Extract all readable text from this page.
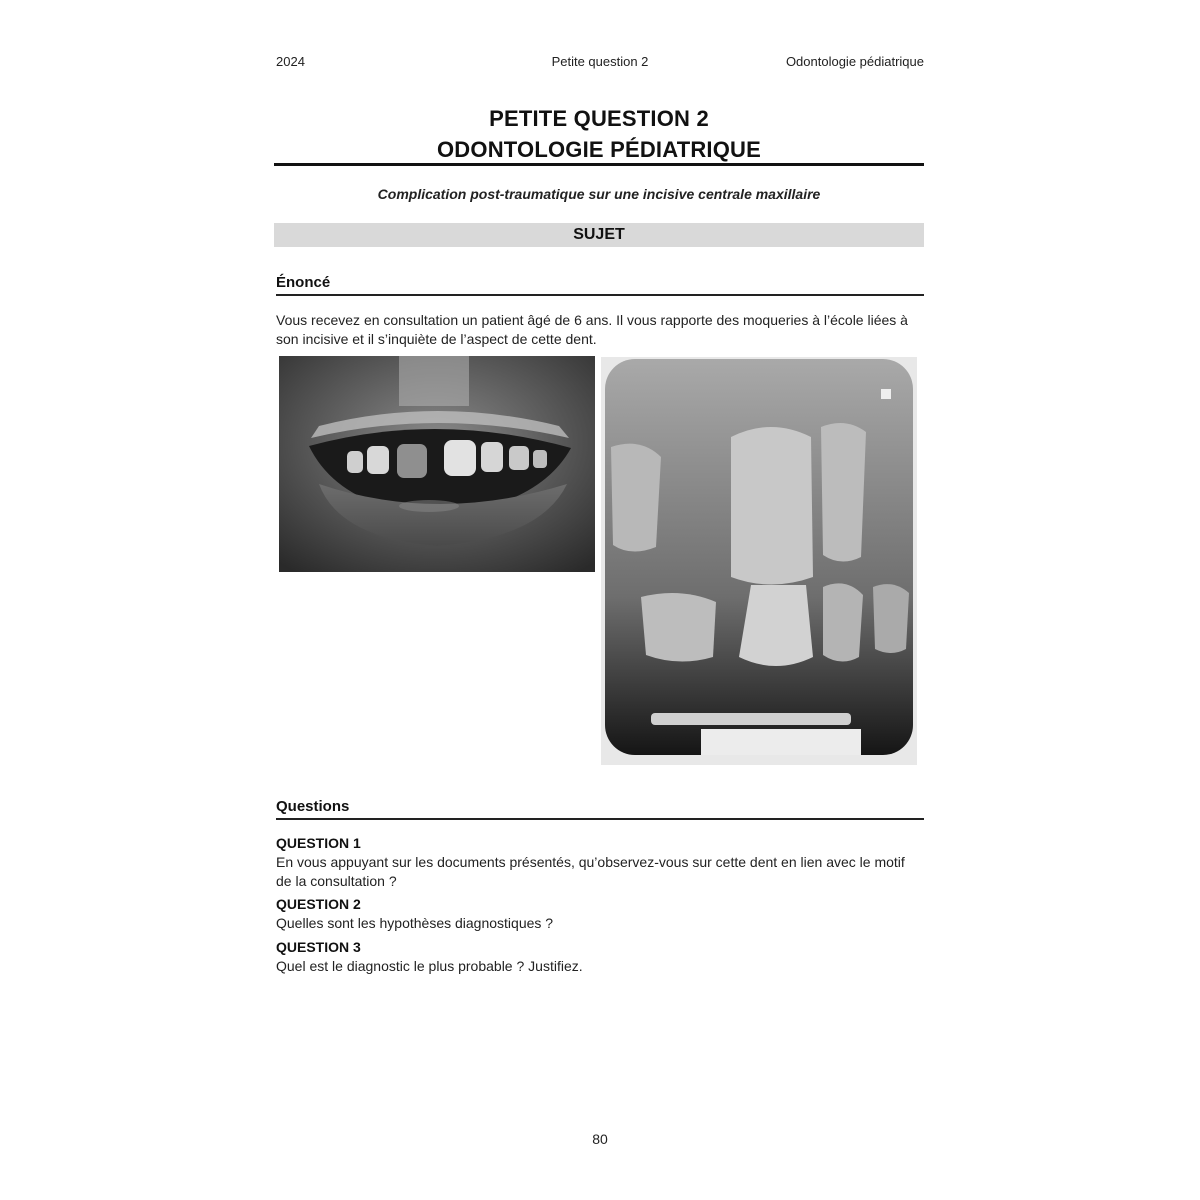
2024	Petite question 2	Odontologie pédiatrique
PETITE QUESTION 2
ODONTOLOGIE PÉDIATRIQUE
Complication post-traumatique sur une incisive centrale maxillaire
SUJET
Énoncé
Vous recevez en consultation un patient âgé de 6 ans. Il vous rapporte des moqueries à l’école liées à
son incisive et il s’inquiète de l’aspect de cette dent.
Questions
QUESTION 1
En vous appuyant sur les documents présentés, qu’observez-vous sur cette dent en lien avec le motif
de la consultation ?
QUESTION 2
Quelles sont les hypothèses diagnostiques ?
QUESTION 3
Quel est le diagnostic le plus probable ? Justifiez.
80
